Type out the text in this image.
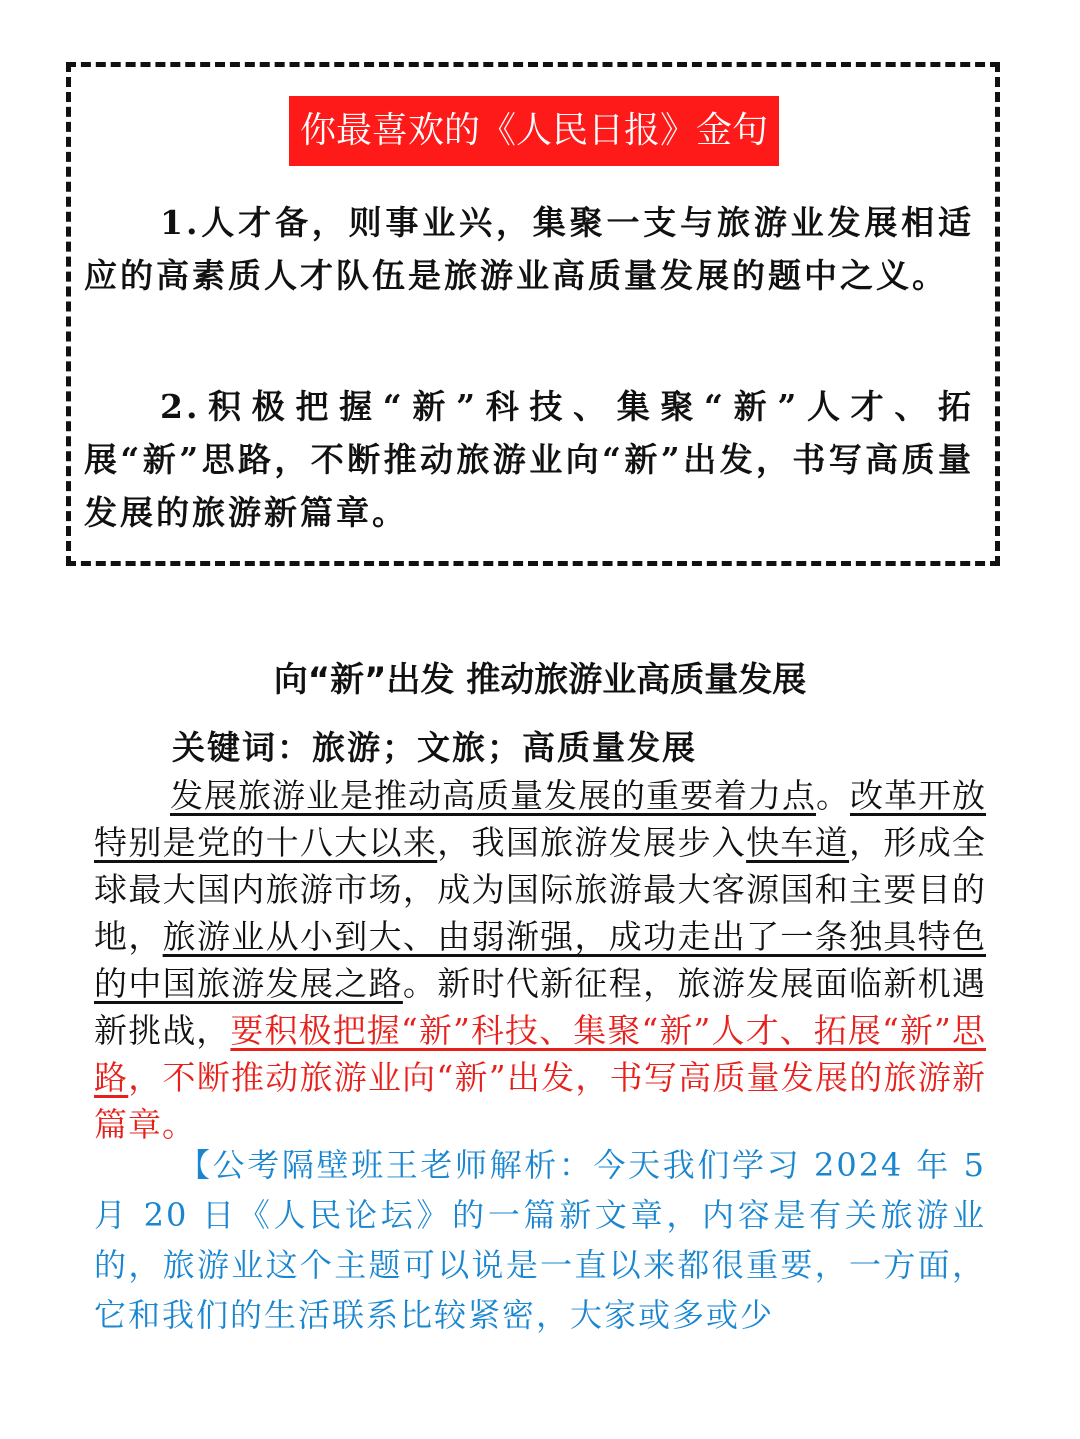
你最喜欢的《人民日报》金句
1.人才备，则事业兴，集聚一支与旅游业发展相适应的高素质人才队伍是旅游业高质量发展的题中之义。
2.积极把握“新”科技、集聚“新”人才、拓展“新”思路，不断推动旅游业向“新”出发，书写高质量发展的旅游新篇章。
向“新”出发 推动旅游业高质量发展
关键词：旅游；文旅；高质量发展
发展旅游业是推动高质量发展的重要着力点。改革开放特别是党的十八大以来，我国旅游发展步入快车道，形成全球最大国内旅游市场，成为国际旅游最大客源国和主要目的地，旅游业从小到大、由弱渐强，成功走出了一条独具特色的中国旅游发展之路。新时代新征程，旅游发展面临新机遇新挑战，要积极把握“新”科技、集聚“新”人才、拓展“新”思路，不断推动旅游业向“新”出发，书写高质量发展的旅游新篇章。
【公考隔壁班王老师解析：今天我们学习 2024 年 5 月 20 日《人民论坛》的一篇新文章，内容是有关旅游业的，旅游业这个主题可以说是一直以来都很重要，一方面，它和我们的生活联系比较紧密，大家或多或少
